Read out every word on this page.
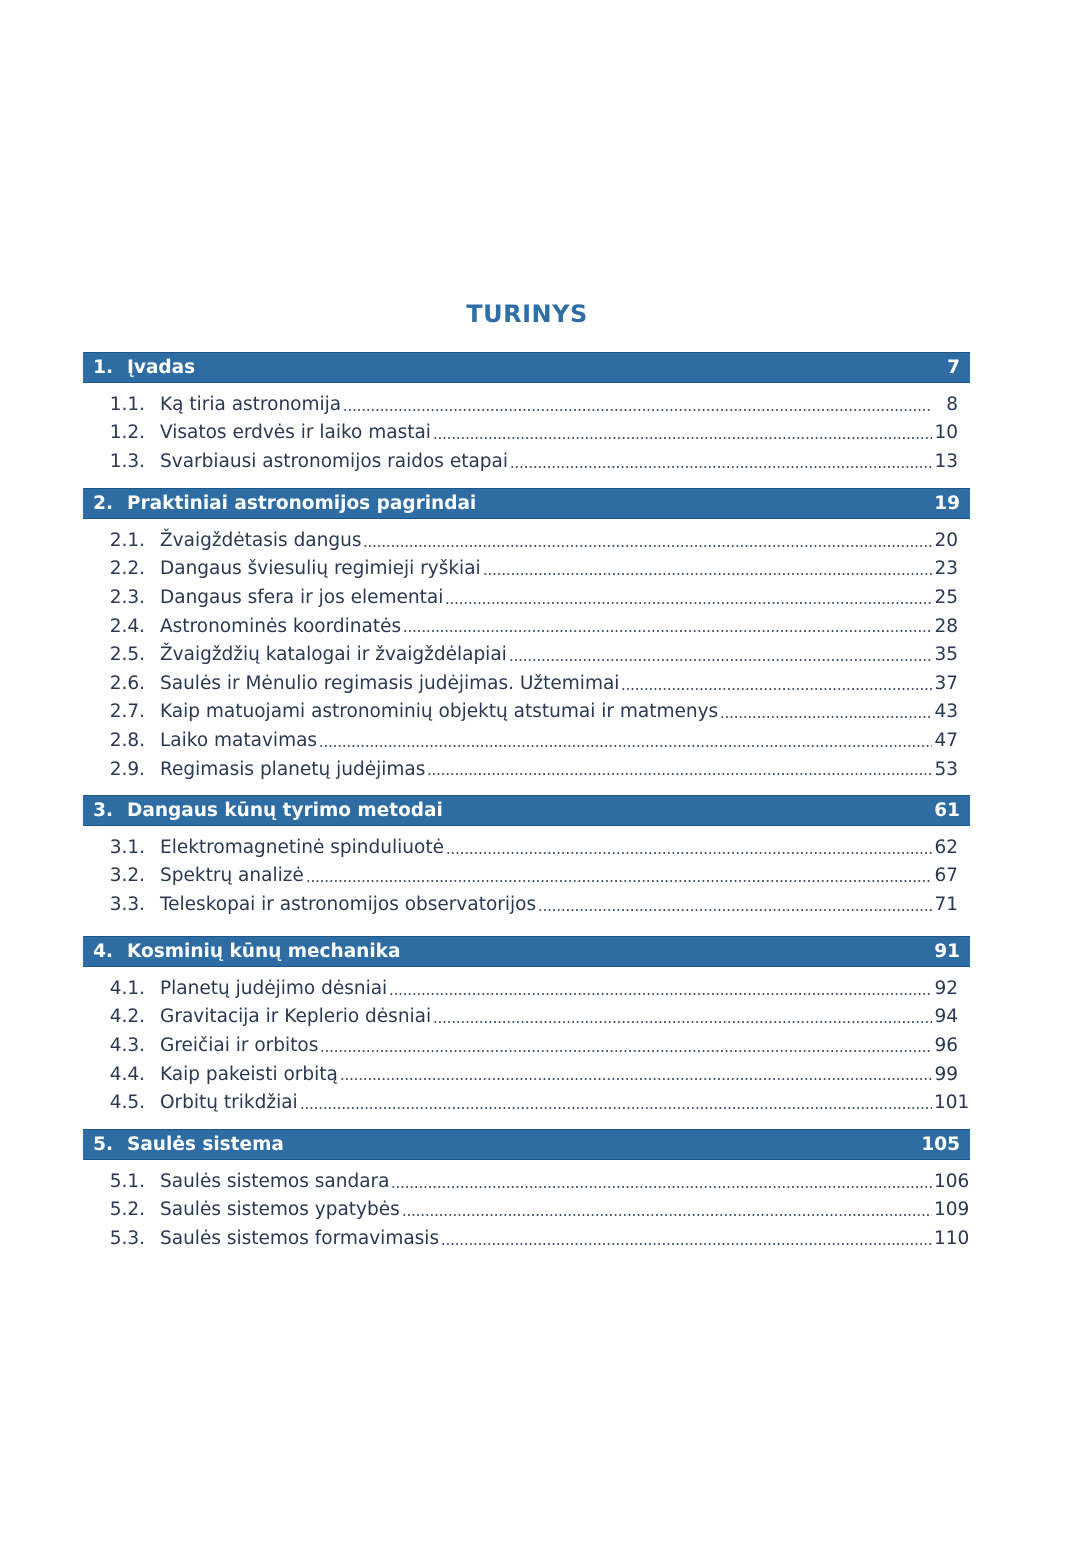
TURINYS
1. Įvadas	7
1.1. Ką tiria astronomija	8
1.2. Visatos erdvės ir laiko mastai	10
1.3. Svarbiausi astronomijos raidos etapai	13
2. Praktiniai astronomijos pagrindai	19
2.1. Žvaigždėtasis dangus	20
2.2. Dangaus šviesulių regimieji ryškiai	23
2.3. Dangaus sfera ir jos elementai	25
2.4. Astronominės koordinatės	28
2.5. Žvaigždžių katalogai ir žvaigždėlapiai	35
2.6. Saulės ir Mėnulio regimasis judėjimas. Užtemimai	37
2.7. Kaip matuojami astronominių objektų atstumai ir matmenys	43
2.8. Laiko matavimas	47
2.9. Regimasis planetų judėjimas	53
3. Dangaus kūnų tyrimo metodai	61
3.1. Elektromagnetinė spinduliuotė	62
3.2. Spektrų analizė	67
3.3. Teleskopai ir astronomijos observatorijos	71
4. Kosminių kūnų mechanika	91
4.1. Planetų judėjimo dėsniai	92
4.2. Gravitacija ir Keplerio dėsniai	94
4.3. Greičiai ir orbitos	96
4.4. Kaip pakeisti orbitą	99
4.5. Orbitų trikdžiai	101
5. Saulės sistema	105
5.1. Saulės sistemos sandara	106
5.2. Saulės sistemos ypatybės	109
5.3. Saulės sistemos formavimasis	110
